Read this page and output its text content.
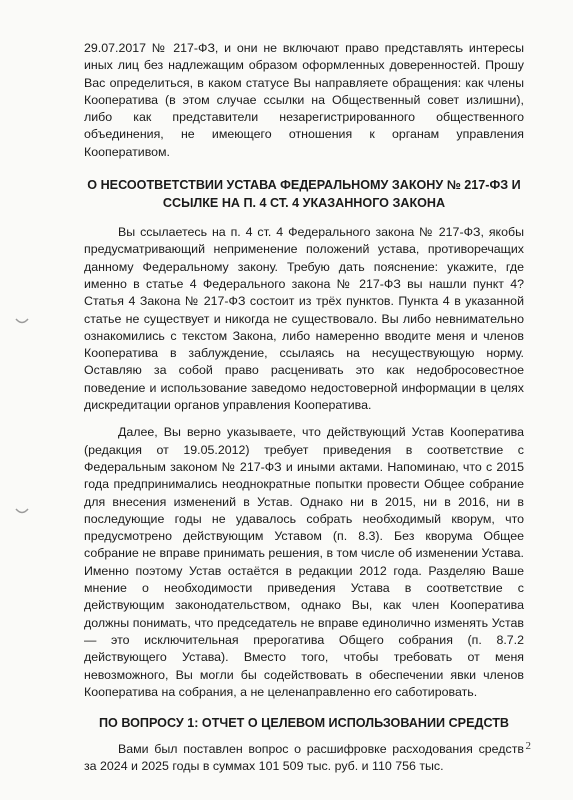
29.07.2017 № 217-ФЗ, и они не включают право представлять интересы иных лиц без надлежащим образом оформленных доверенностей. Прошу Вас определиться, в каком статусе Вы направляете обращения: как члены Кооператива (в этом случае ссылки на Общественный совет излишни), либо как представители незарегистрированного общественного объединения, не имеющего отношения к органам управления Кооперативом.

О НЕСООТВЕТСТВИИ УСТАВА ФЕДЕРАЛЬНОМУ ЗАКОНУ № 217-ФЗ И ССЫЛКЕ НА П. 4 СТ. 4 УКАЗАННОГО ЗАКОНА

Вы ссылаетесь на п. 4 ст. 4 Федерального закона № 217-ФЗ, якобы предусматривающий неприменение положений устава, противоречащих данному Федеральному закону. Требую дать пояснение: укажите, где именно в статье 4 Федерального закона № 217-ФЗ вы нашли пункт 4? Статья 4 Закона № 217-ФЗ состоит из трёх пунктов. Пункта 4 в указанной статье не существует и никогда не существовало. Вы либо невнимательно ознакомились с текстом Закона, либо намеренно вводите меня и членов Кооператива в заблуждение, ссылаясь на несуществующую норму. Оставляю за собой право расценивать это как недобросовестное поведение и использование заведомо недостоверной информации в целях дискредитации органов управления Кооператива.

Далее, Вы верно указываете, что действующий Устав Кооператива (редакция от 19.05.2012) требует приведения в соответствие с Федеральным законом № 217-ФЗ и иными актами. Напоминаю, что с 2015 года предпринимались неоднократные попытки провести Общее собрание для внесения изменений в Устав. Однако ни в 2015, ни в 2016, ни в последующие годы не удавалось собрать необходимый кворум, что предусмотрено действующим Уставом (п. 8.3). Без кворума Общее собрание не вправе принимать решения, в том числе об изменении Устава. Именно поэтому Устав остаётся в редакции 2012 года. Разделяю Ваше мнение о необходимости приведения Устава в соответствие с действующим законодательством, однако Вы, как член Кооператива должны понимать, что председатель не вправе единолично изменять Устав — это исключительная прерогатива Общего собрания (п. 8.7.2 действующего Устава). Вместо того, чтобы требовать от меня невозможного, Вы могли бы содействовать в обеспечении явки членов Кооператива на собрания, а не целенаправленно его саботировать.

ПО ВОПРОСУ 1: ОТЧЕТ О ЦЕЛЕВОМ ИСПОЛЬЗОВАНИИ СРЕДСТВ

Вами был поставлен вопрос о расшифровке расходования средств за 2024 и 2025 годы в суммах 101 509 тыс. руб. и 110 756 тыс.

2
